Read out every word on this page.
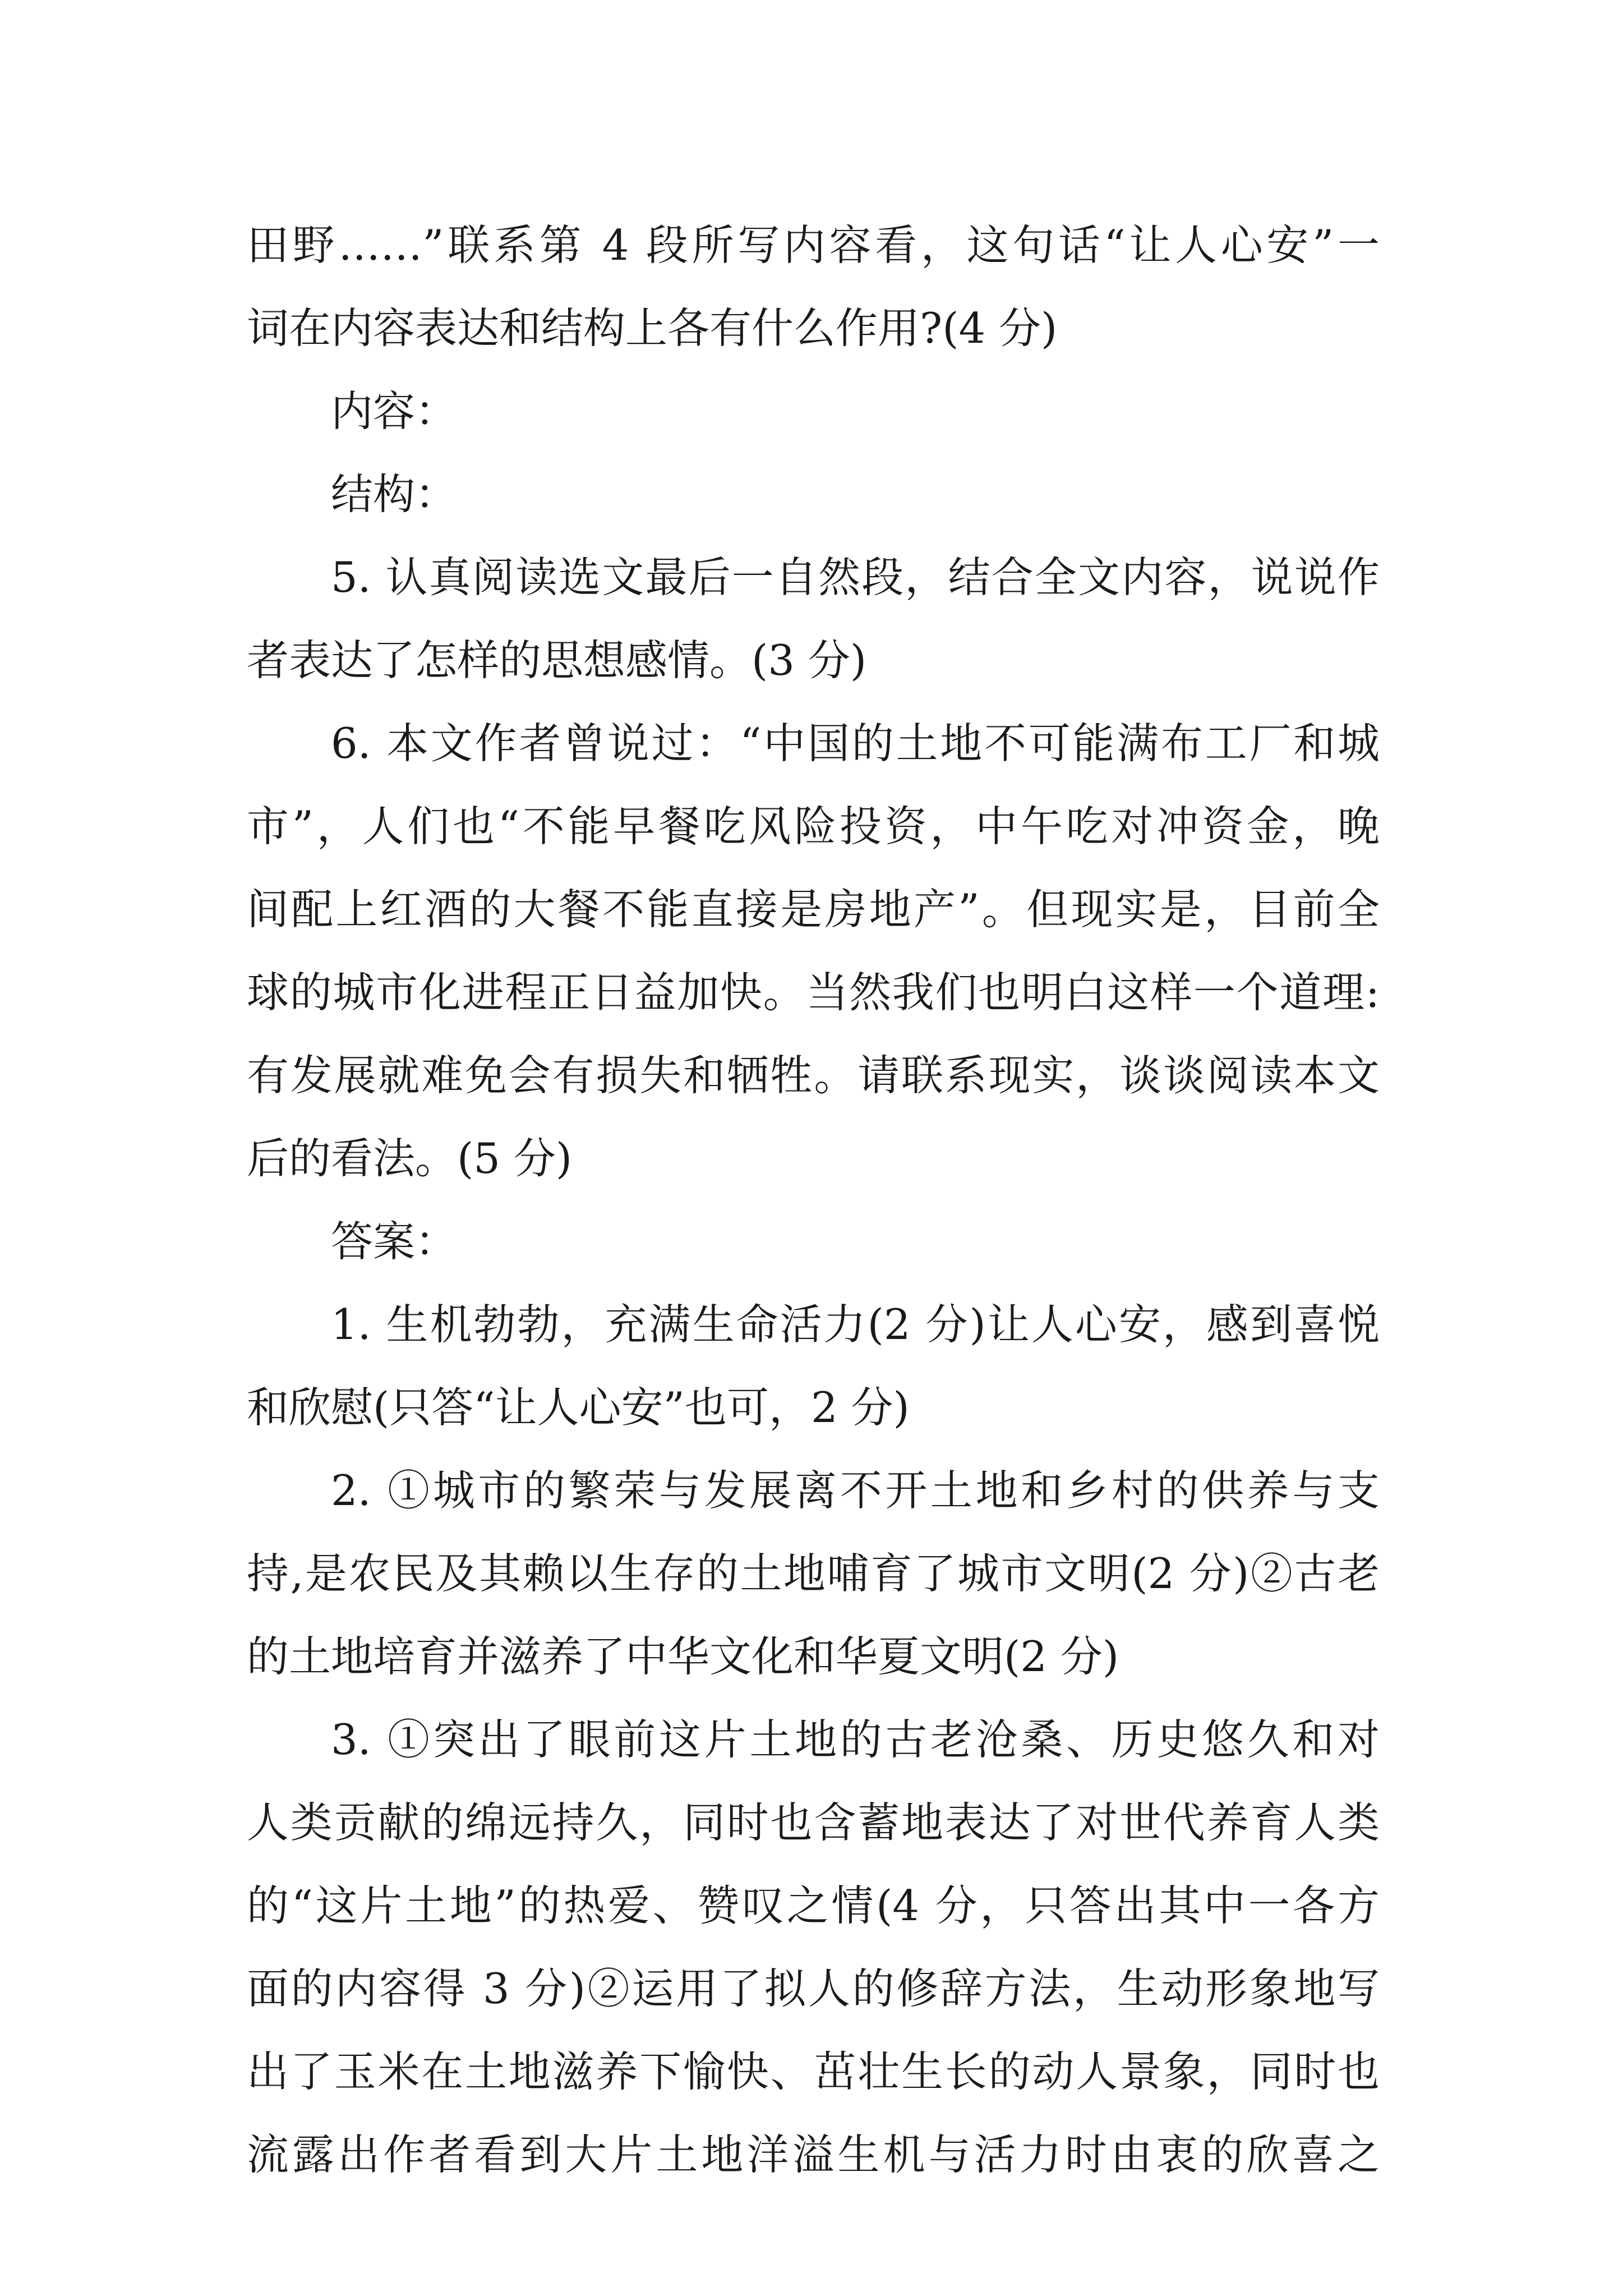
田野……”联系第 4 段所写内容看，这句话“让人心安”一
词在内容表达和结构上各有什么作用?(4 分)
内容：
结构：
5. 认真阅读选文最后一自然段，结合全文内容，说说作
者表达了怎样的思想感情。(3 分)
6. 本文作者曾说过：“中国的土地不可能满布工厂和城
市”，人们也“不能早餐吃风险投资，中午吃对冲资金，晚
间配上红酒的大餐不能直接是房地产”。但现实是，目前全
球的城市化进程正日益加快。当然我们也明白这样一个道理:
有发展就难免会有损失和牺牲。请联系现实，谈谈阅读本文
后的看法。(5 分)
答案：
1. 生机勃勃，充满生命活力(2 分)让人心安，感到喜悦
和欣慰(只答“让人心安”也可，2 分)
2. ①城市的繁荣与发展离不开土地和乡村的供养与支
持,是农民及其赖以生存的土地哺育了城市文明(2 分)②古老
的土地培育并滋养了中华文化和华夏文明(2 分)
3. ①突出了眼前这片土地的古老沧桑、历史悠久和对
人类贡献的绵远持久，同时也含蓄地表达了对世代养育人类
的“这片土地”的热爱、赞叹之情(4 分，只答出其中一各方
面的内容得 3 分)②运用了拟人的修辞方法，生动形象地写
出了玉米在土地滋养下愉快、茁壮生长的动人景象，同时也
流露出作者看到大片土地洋溢生机与活力时由衷的欣喜之
